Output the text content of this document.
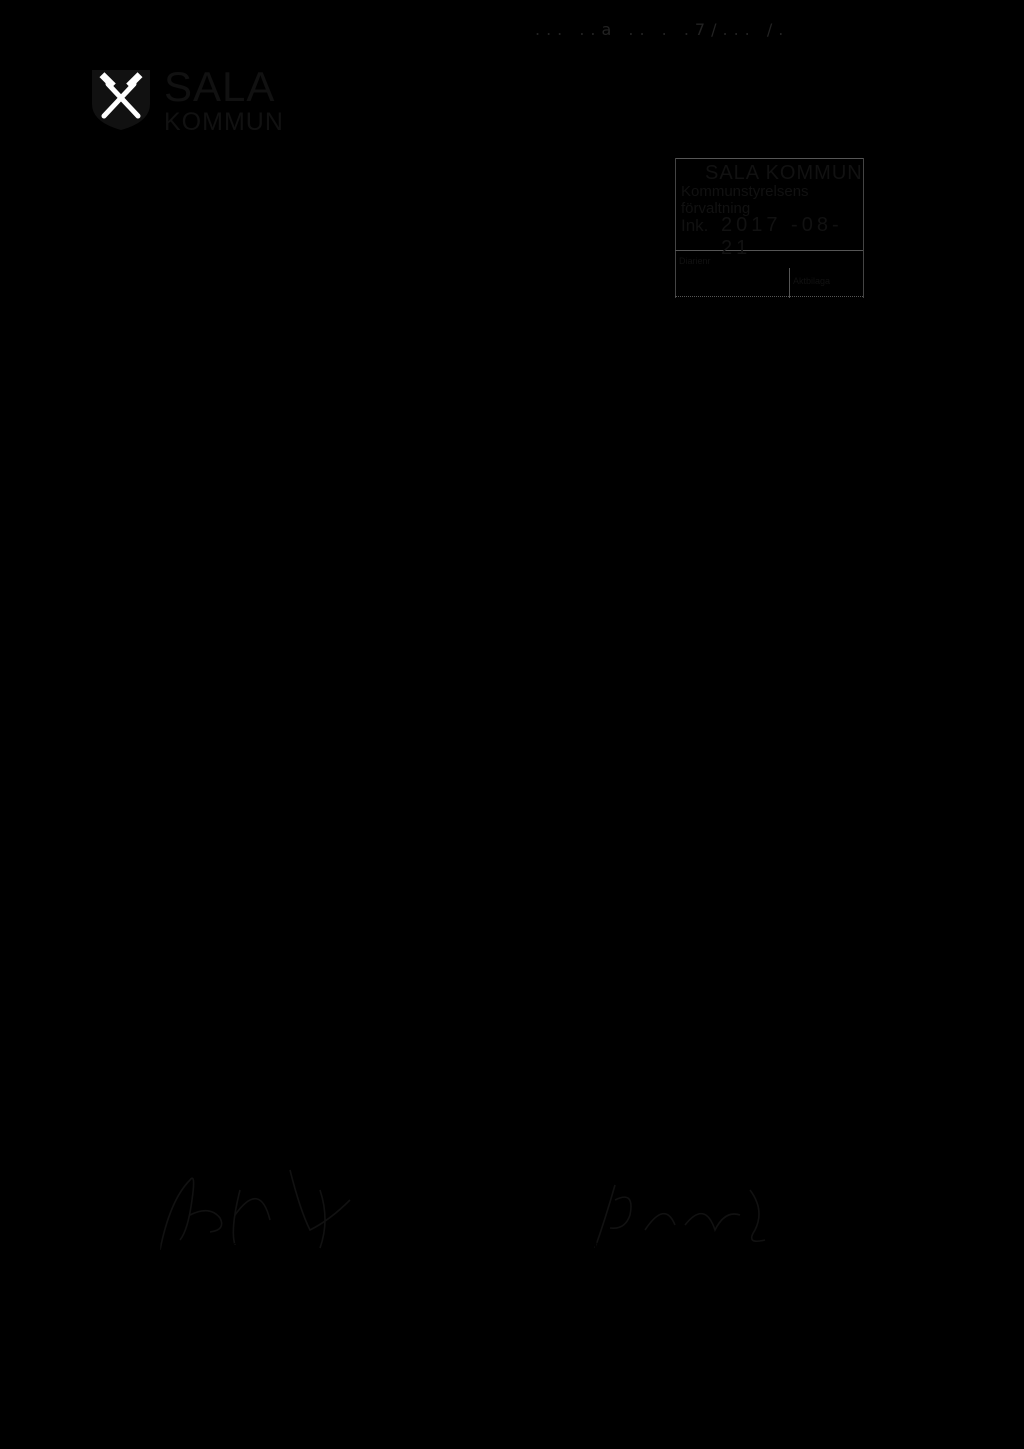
... ..a .. . .7/... /.
SALA
KOMMUN
KOMMUNREVISIONEN
2017-08-21
SALA KOMMUN
Kommunstyrelsens förvaltning
Ink. 2017 -08- 21
Diarienr
Aktbilaga
Till:
Kommunstyrelsen och
Vård- och omsorgsnämnden
För kännedom till:
Kommunfullmäktige
REVISIONSRAPPORT – Intern kontroll i hantering av bisysslor
Revisorerna har i sin risk- och väsentlighetsbedömning beslutat att genomföra en granskning av kommunstyrelsens och vård- och omsorgsnämndens arbete med intern kontroll i hanteringen av bisysslor utifrån följande fråga: Är den interna kontrollen avseende hantering av anställdas bisysslor tillräcklig inom kommunstyrelsen och vård- och omsorgsnämnden?
Efter genomförd granskning är den sammanfattade bedömningen att den interna kontrollen avseende hanteringen av anställdas bisysslor delvis är tillräcklig. Vår bedömning grundar sig på följande iakttagelser:
Det finns ett ändamålsenligt regelverk rörande anställdas bisysslor. Dessutom finns en blankett för anmälan om bisyssla och en vidaredelegationsordning där ansvaret för att pröva bisyssla framgår. Det är dock osäkert i vilken omfattning befintliga re-gelverk är kända i organisationen. Det saknas även en övergripande bild över vilka bisysslor som finns i kommunen. Vår granskning visar att anställda har bisysslor som inte anmälts, dock förekommer inga utbetalningar till företag där anställda har engagemang och som skulle kunna bedömas vara förtroendeskadliga. Det saknas en rutin för att gå igenom regelverket avseende bisysslor med de anställda.
Revisorerna önskar svar på vilka åtgärder styrelsen avser vidta med anledning av de brister som identifierats i bilagd rapport. Svar önskas senast den 15 november 2017. Revisorerna samt konsult finns tillgängliga för föredragning av rapporten om så önskas.
Glenn Andersson
ordförande
Rebecka Hansson
Sekreterare
